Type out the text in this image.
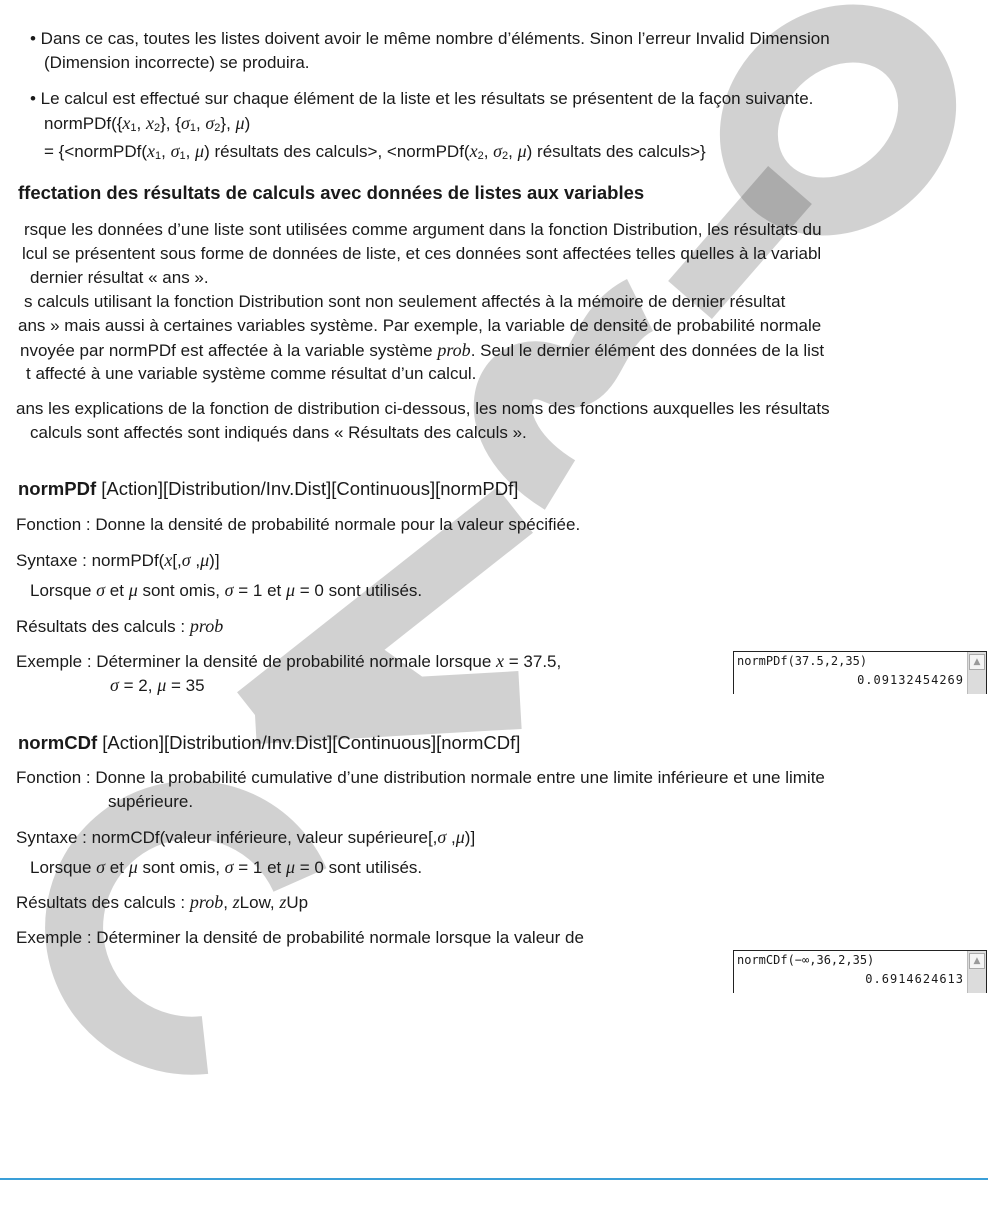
• Dans ce cas, toutes les listes doivent avoir le même nombre d’éléments. Sinon l’erreur Invalid Dimension
(Dimension incorrecte) se produira.
• Le calcul est effectué sur chaque élément de la liste et les résultats se présentent de la façon suivante.
$normPDf(\{x_1$, $x_2$}, {$\sigma_1$, $\sigma_2$}, μ)
= {$<normPDf(x_1$, $\sigma_1$, μ) résultats des calculs>, $<normPDf(x_2$, $\sigma_2$, μ) résultats des calculs>}
ffectation des résultats de calculs avec données de listes aux variables
rsque les données d’une liste sont utilisées comme argument dans la fonction Distribution, les résultats du
lcul se présentent sous forme de données de liste, et ces données sont affectées telles quelles à la variabl
dernier résultat « ans ».
s calculs utilisant la fonction Distribution sont non seulement affectés à la mémoire de dernier résultat
ans » mais aussi à certaines variables système. Par exemple, la variable de densité de probabilité normale
nvoyée par normPDf est affectée à la variable système prob. Seul le dernier élément des données de la list
t affecté à une variable système comme résultat d’un calcul.
ans les explications de la fonction de distribution ci-dessous, les noms des fonctions auxquelles les résultats
calculs sont affectés sont indiqués dans « Résultats des calculs ».
normPDf [Action][Distribution/Inv.Dist][Continuous][normPDf]
Fonction : Donne la densité de probabilité normale pour la valeur spécifiée.
Syntaxe : normPDf(x[,σ ,μ)]
Lorsque σ et μ sont omis, σ = 1 et μ = 0 sont utilisés.
Résultats des calculs : prob
Exemple : Déterminer la densité de probabilité normale lorsque x = 37.5,
σ = 2, μ = 35
normPDf(37.5,2,35)
0.09132454269
▲
normCDf [Action][Distribution/Inv.Dist][Continuous][normCDf]
Fonction : Donne la probabilité cumulative d’une distribution normale entre une limite inférieure et une limite
supérieure.
Syntaxe : normCDf(valeur inférieure, valeur supérieure[,σ ,μ)]
Lorsque σ et μ sont omis, σ = 1 et μ = 0 sont utilisés.
Résultats des calculs : prob, zLow, zUp
Exemple : Déterminer la densité de probabilité normale lorsque la valeur de
normCDf(−∞,36,2,35)
0.6914624613
▲
